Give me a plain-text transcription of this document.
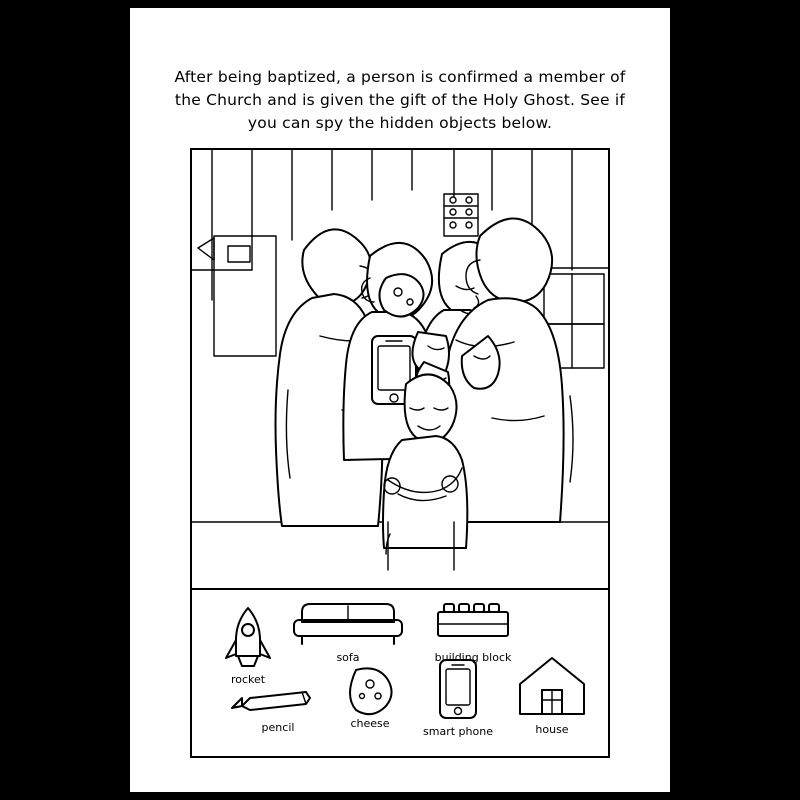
After being baptized, a person is confirmed a member of the Church and is given the gift of the Holy Ghost. See if you can spy the hidden objects below.
rocket
sofa	building block
pencil	cheese
smart phone	house
